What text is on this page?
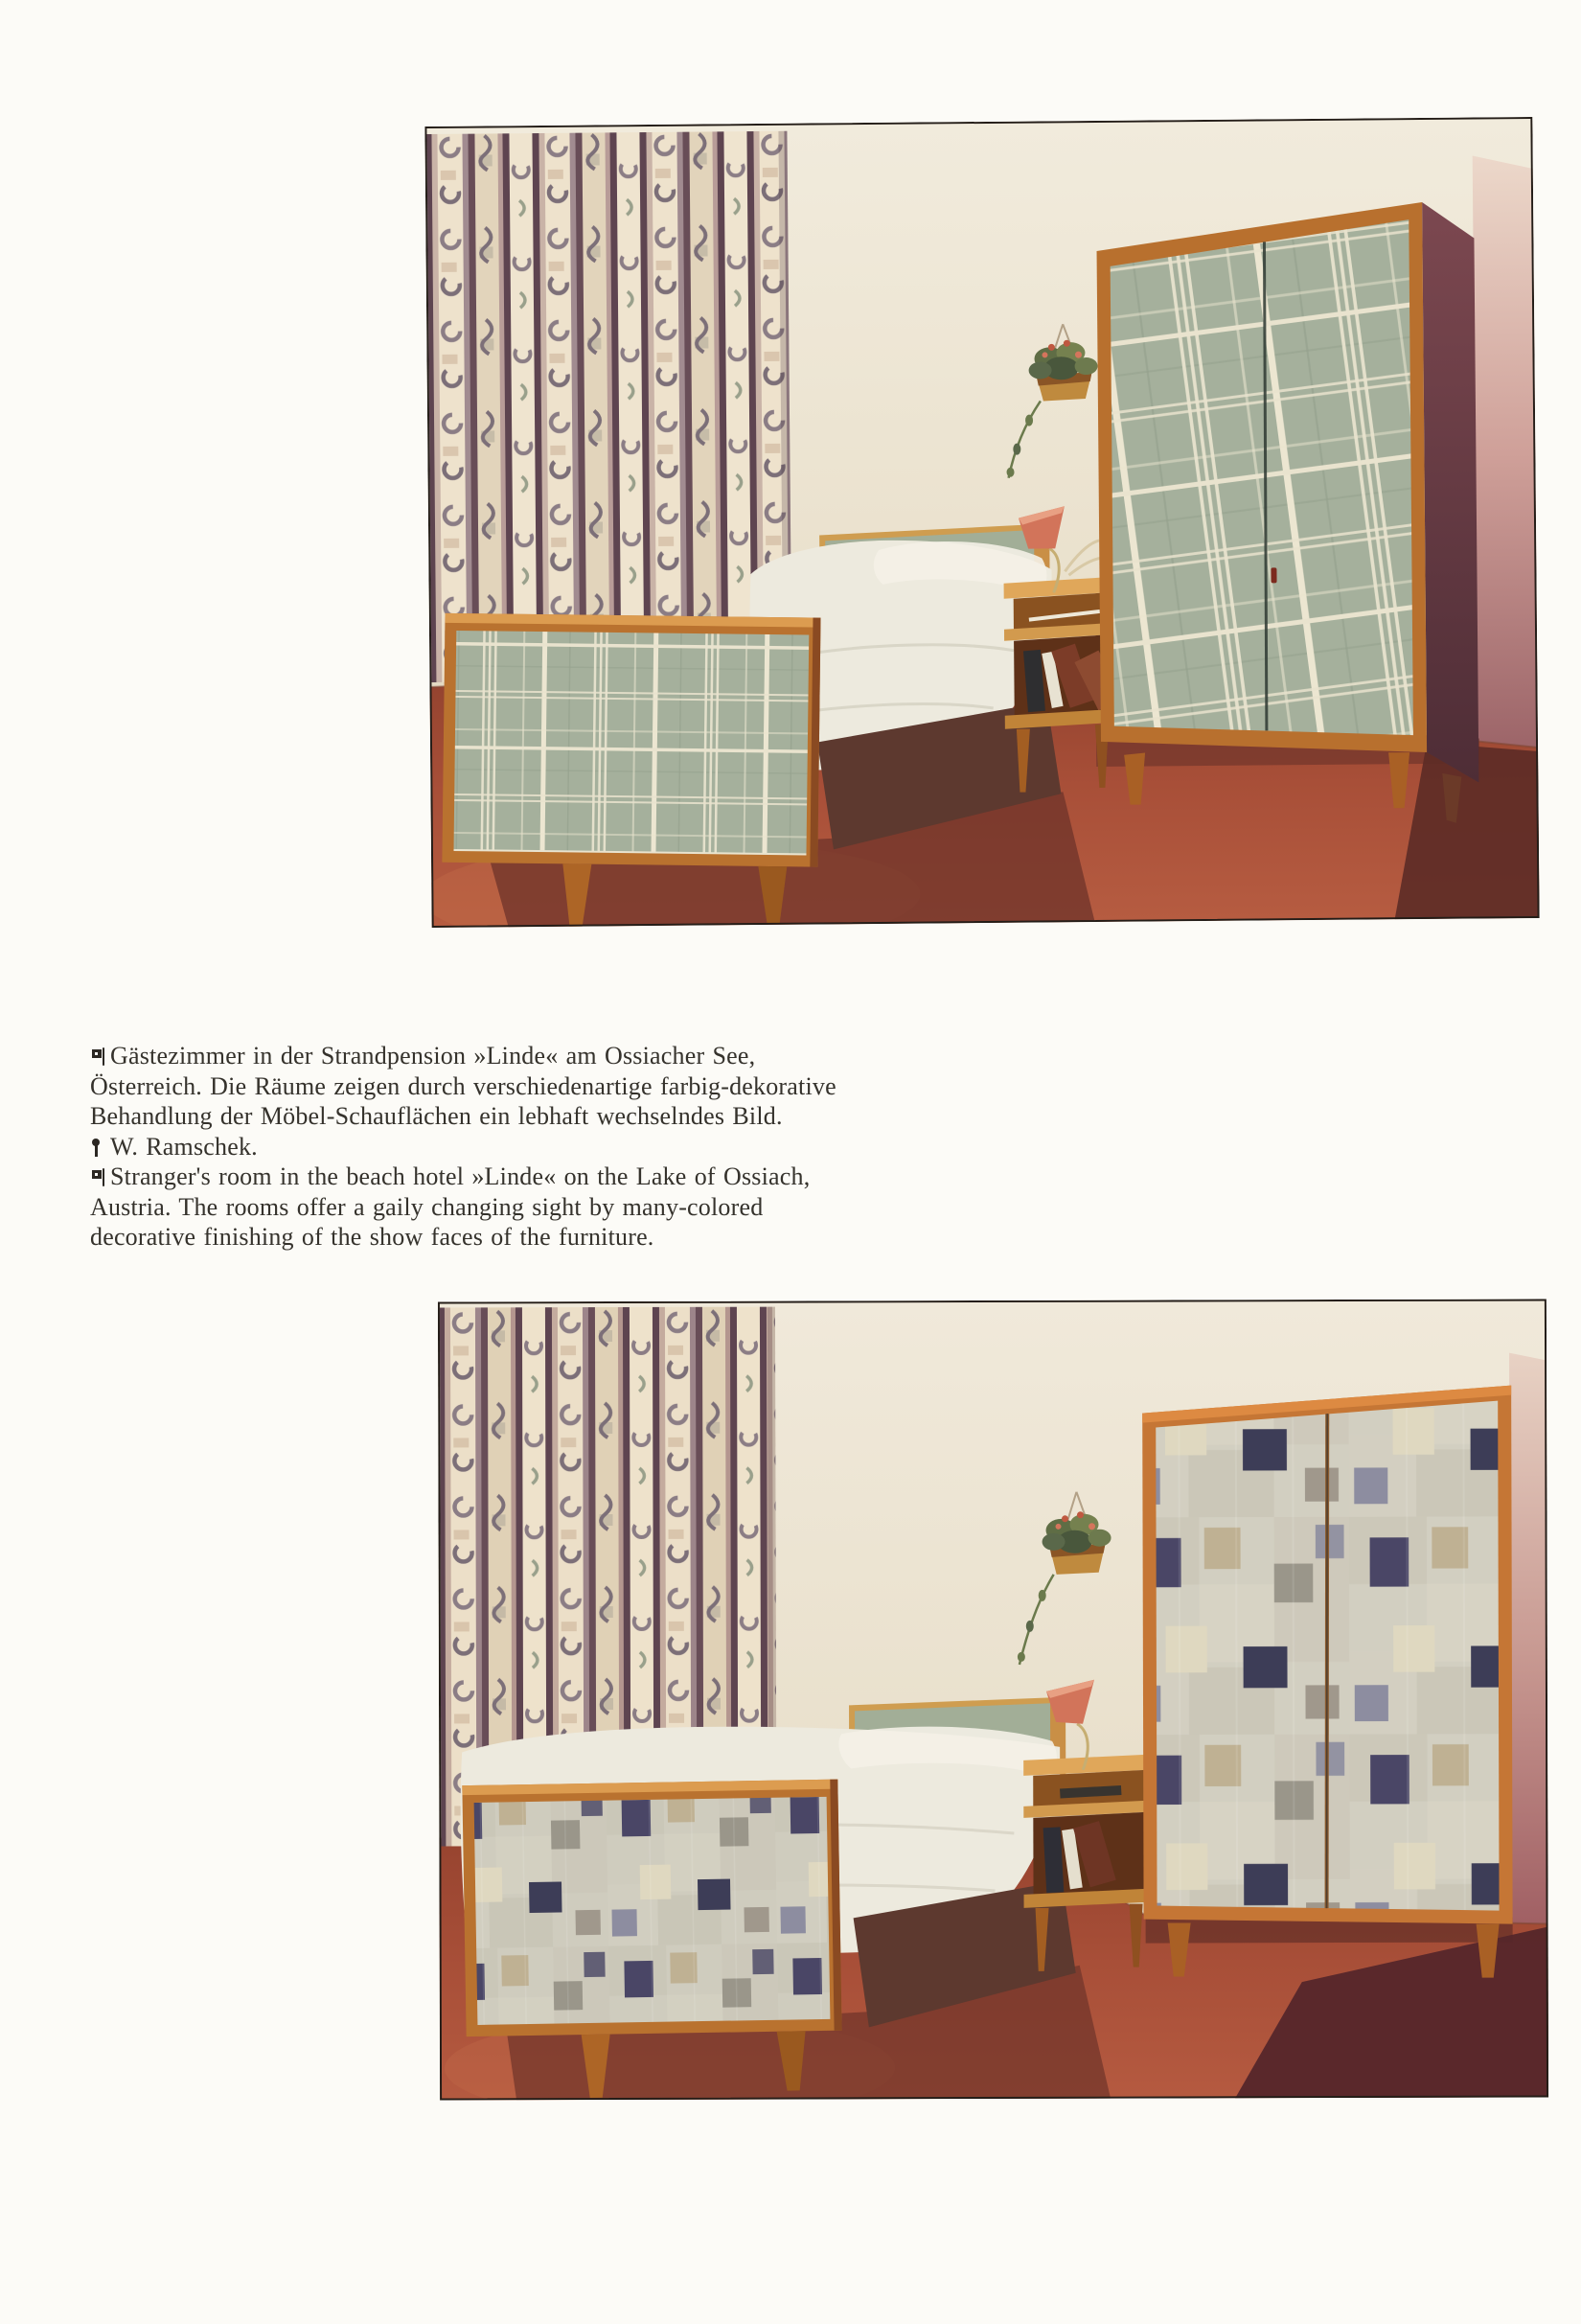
Gästezimmer in der Strandpension »Linde« am Ossiacher See,
Österreich. Die Räume zeigen durch verschiedenartige farbig-dekorative
Behandlung der Möbel-Schauflächen ein lebhaft wechselndes Bild.
W. Ramschek.
Stranger's room in the beach hotel »Linde« on the Lake of Ossiach,
Austria. The rooms offer a gaily changing sight by many-colored
decorative finishing of the show faces of the furniture.
